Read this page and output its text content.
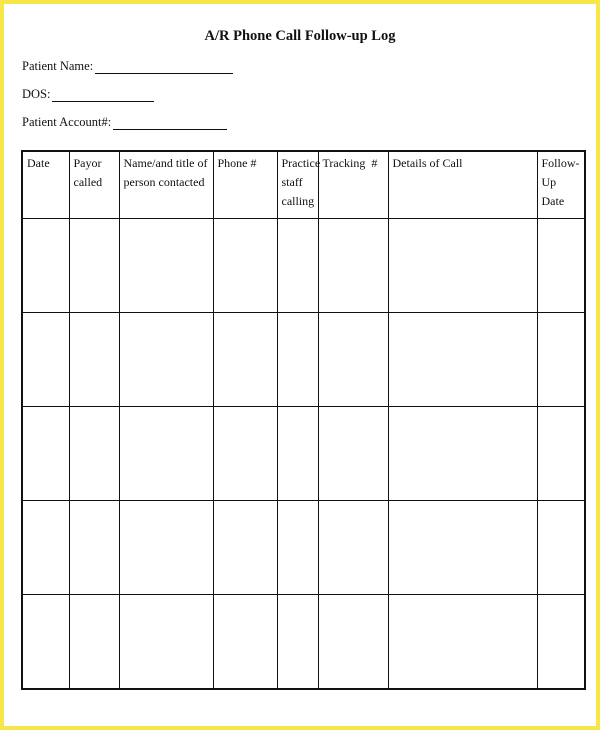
A/R Phone Call Follow-up Log
Patient Name:
DOS:
Patient Account#:
Date	Payor called	Name/and title of person contacted	Phone #	Practice staff calling	Tracking  #	Details of Call	Follow-Up Date
